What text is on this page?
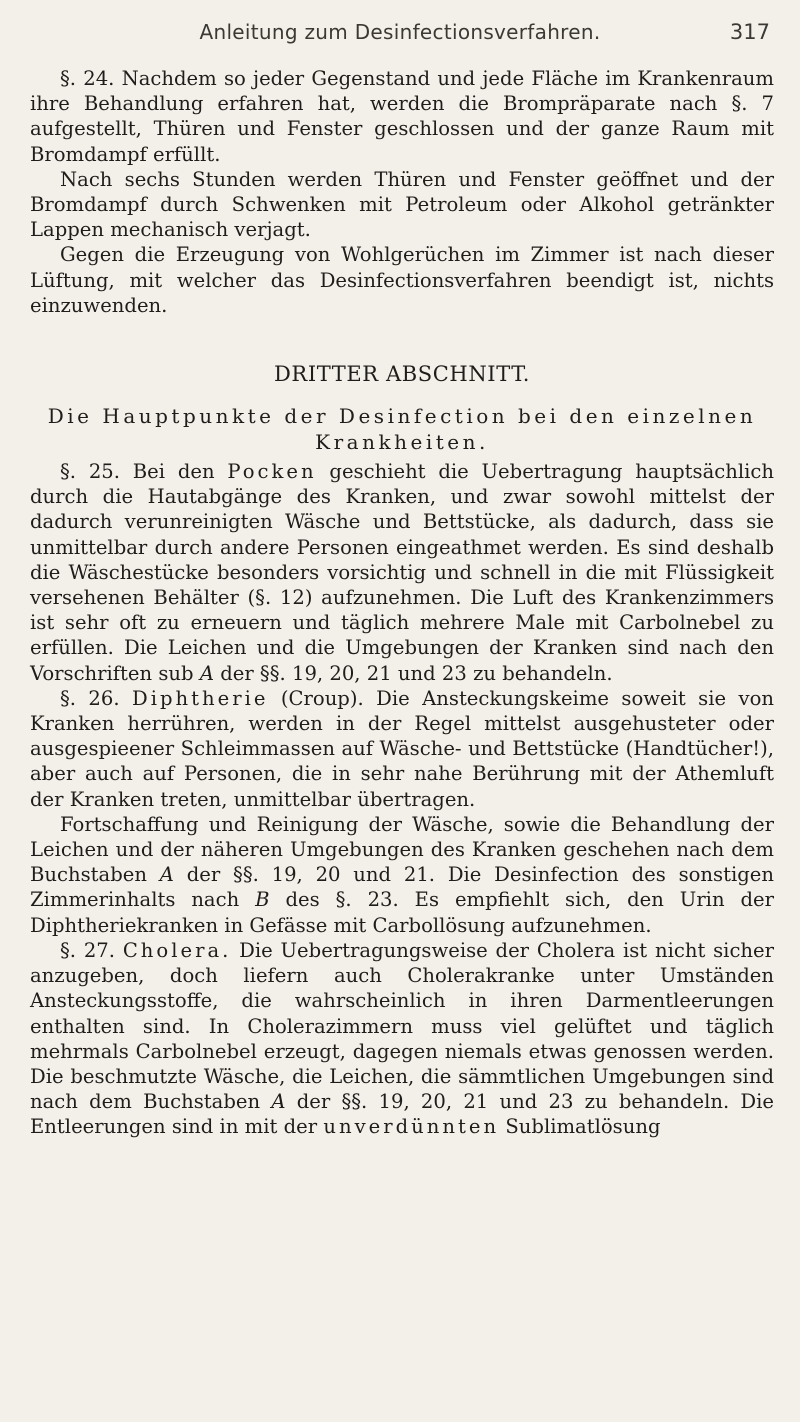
Anleitung zum Desinfectionsverfahren.	317

§. 24. Nachdem so jeder Gegenstand und jede Fläche im Krankenraum ihre Behandlung erfahren hat, werden die Brompräparate nach §. 7 aufgestellt, Thüren und Fenster geschlossen und der ganze Raum mit Bromdampf erfüllt.

Nach sechs Stunden werden Thüren und Fenster geöffnet und der Bromdampf durch Schwenken mit Petroleum oder Alkohol getränkter Lappen mechanisch verjagt.

Gegen die Erzeugung von Wohlgerüchen im Zimmer ist nach dieser Lüftung, mit welcher das Desinfectionsverfahren beendigt ist, nichts einzuwenden.

DRITTER ABSCHNITT.
Die Hauptpunkte der Desinfection bei den einzelnen Krankheiten.

§. 25. Bei den Pocken geschieht die Uebertragung hauptsächlich durch die Hautabgänge des Kranken, und zwar sowohl mittelst der dadurch verunreinigten Wäsche und Bettstücke, als dadurch, dass sie unmittelbar durch andere Personen eingeathmet werden. Es sind deshalb die Wäschestücke besonders vorsichtig und schnell in die mit Flüssigkeit versehenen Behälter (§. 12) aufzunehmen. Die Luft des Krankenzimmers ist sehr oft zu erneuern und täglich mehrere Male mit Carbolnebel zu erfüllen. Die Leichen und die Umgebungen der Kranken sind nach den Vorschriften sub A der §§. 19, 20, 21 und 23 zu behandeln.

§. 26. Diphtherie (Croup). Die Ansteckungskeime soweit sie von Kranken herrühren, werden in der Regel mittelst ausgehusteter oder ausgespieener Schleimmassen auf Wäsche- und Bettstücke (Handtücher!), aber auch auf Personen, die in sehr nahe Berührung mit der Athemluft der Kranken treten, unmittelbar übertragen.

Fortschaffung und Reinigung der Wäsche, sowie die Behandlung der Leichen und der näheren Umgebungen des Kranken geschehen nach dem Buchstaben A der §§. 19, 20 und 21. Die Desinfection des sonstigen Zimmerinhalts nach B des §. 23. Es empfiehlt sich, den Urin der Diphtheriekranken in Gefässe mit Carbollösung aufzunehmen.

§. 27. Cholera. Die Uebertragungsweise der Cholera ist nicht sicher anzugeben, doch liefern auch Cholerakranke unter Umständen Ansteckungsstoffe, die wahrscheinlich in ihren Darmentleerungen enthalten sind. In Cholerazimmern muss viel gelüftet und täglich mehrmals Carbolnebel erzeugt, dagegen niemals etwas genossen werden. Die beschmutzte Wäsche, die Leichen, die sämmtlichen Umgebungen sind nach dem Buchstaben A der §§. 19, 20, 21 und 23 zu behandeln. Die Entleerungen sind in mit der unverdünnten Sublimatlösung
